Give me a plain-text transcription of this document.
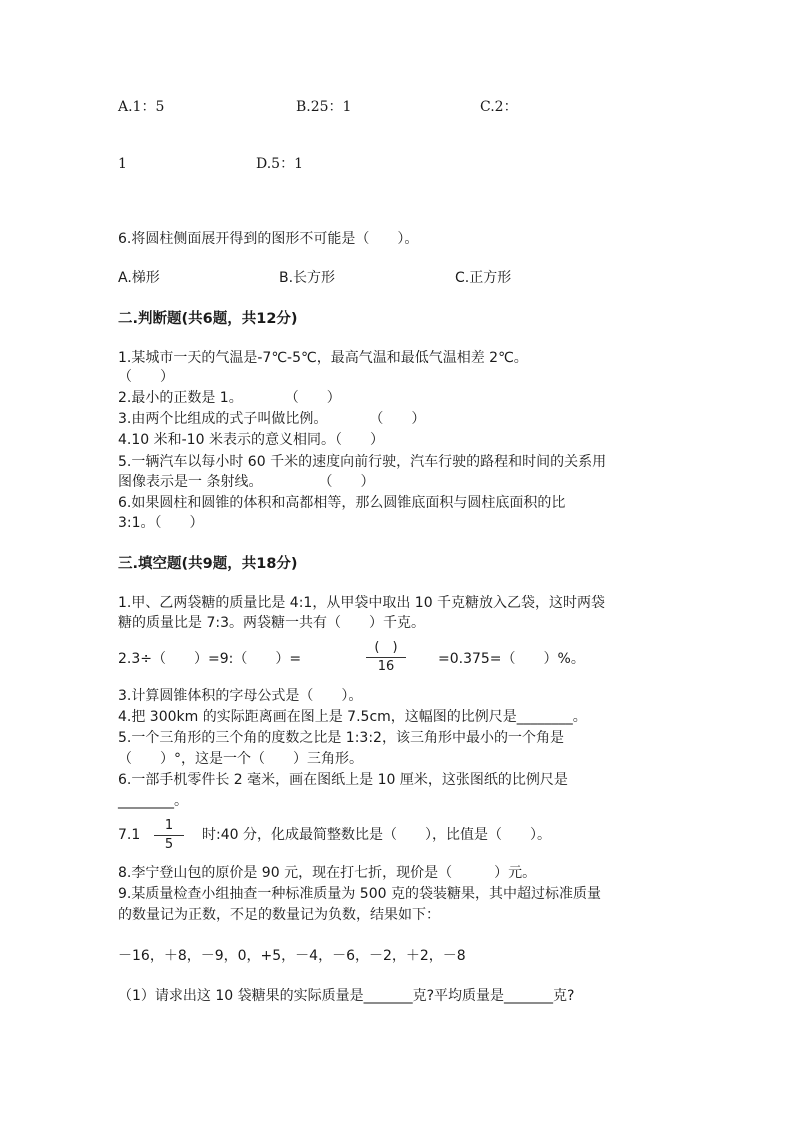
A.1：5	B.25：1	C.2：
1	D.5：1
6.将圆柱侧面展开得到的图形不可能是（　　）。
A.梯形	B.长方形	C.正方形
二.判断题(共6题，共12分)
1.某城市一天的气温是-7℃-5℃，最高气温和最低气温相差 2℃。
（　　）
2.最小的正数是 1。　　　　（　　）
3.由两个比组成的式子叫做比例。　　　　（　　）
4.10 米和-10 米表示的意义相同。（　　）
5.一辆汽车以每小时 60 千米的速度向前行驶，汽车行驶的路程和时间的关系用
图像表示是一 条射线。　　　　　（　　）
6.如果圆柱和圆锥的体积和高都相等，那么圆锥底面积与圆柱底面积的比
3:1。（　　）
三.填空题(共9题，共18分)
1.甲、乙两袋糖的质量比是 4:1，从甲袋中取出 10 千克糖放入乙袋，这时两袋
糖的质量比是 7:3。两袋糖一共有（　　）千克。
2.3÷（　　）=9:（　　）=
(　)
16	=0.375=（　　）%。
3.计算圆锥体积的字母公式是（　　）。
4.把 300km 的实际距离画在图上是 7.5cm，这幅图的比例尺是________。
5.一个三角形的三个角的度数之比是 1:3:2，该三角形中最小的一个角是
（　　）°，这是一个（　　）三角形。
6.一部手机零件长 2 毫米，画在图纸上是 10 厘米，这张图纸的比例尺是
________。
7.1
1
5
时:40 分，化成最简整数比是（　　），比值是（　　）。
8.李宁登山包的原价是 90 元，现在打七折，现价是（　　　）元。
9.某质量检查小组抽查一种标准质量为 500 克的袋装糖果，其中超过标准质量
的数量记为正数，不足的数量记为负数，结果如下：
－16，＋8，－9，0，+5，－4，－6，－2，＋2，－8
（1）请求出这 10 袋糖果的实际质量是_______克?平均质量是_______克?
